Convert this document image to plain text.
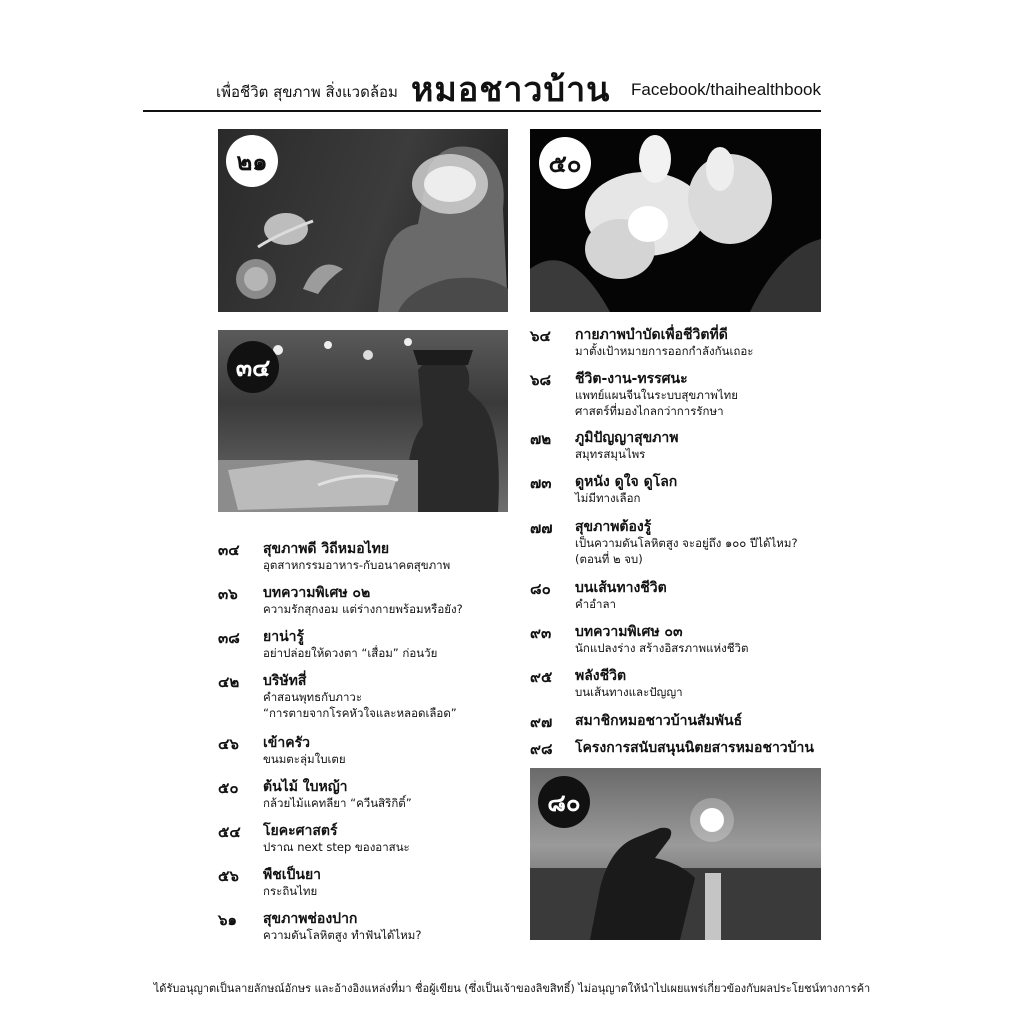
เพื่อชีวิต สุขภาพ สิ่งแวดล้อม หมอชาวบ้าน Facebook/thaihealthbook
๒๑	๕๐
๓๔
๘๐
๓๔ สุขภาพดี วิถีหมอไทย
อุตสาหกรรมอาหาร-กับอนาคตสุขภาพ
๓๖ บทความพิเศษ ๐๒
ความรักสุกงอม แต่ร่างกายพร้อมหรือยัง?
๓๘ ยาน่ารู้
อย่าปล่อยให้ดวงตา “เสื่อม” ก่อนวัย
๔๒ บริษัทสี่
คำสอนพุทธกับภาวะ
“การตายจากโรคหัวใจและหลอดเลือด”
๔๖ เข้าครัว
ขนมตะลุ่มใบเตย
๕๐ ต้นไม้ ใบหญ้า
กล้วยไม้แคทลียา “ควีนสิริกิติ์”
๕๔ โยคะศาสตร์
ปราณ next step ของอาสนะ
๕๖ พืชเป็นยา
กระถินไทย
๖๑ สุขภาพช่องปาก
ความดันโลหิตสูง ทำฟันได้ไหม?
๖๔ กายภาพบำบัดเพื่อชีวิตที่ดี
มาตั้งเป้าหมายการออกกำลังกันเถอะ
๖๘ ชีวิต-งาน-ทรรศนะ
แพทย์แผนจีนในระบบสุขภาพไทย
ศาสตร์ที่มองไกลกว่าการรักษา
๗๒ ภูมิปัญญาสุขภาพ
สมุทรสมุนไพร
๗๓ ดูหนัง ดูใจ ดูโลก
ไม่มีทางเลือก
๗๗ สุขภาพต้องรู้
เป็นความดันโลหิตสูง จะอยู่ถึง ๑๐๐ ปีได้ไหม?
(ตอนที่ ๒ จบ)
๘๐ บนเส้นทางชีวิต
คำอำลา
๙๓ บทความพิเศษ ๐๓
นักแปลงร่าง สร้างอิสรภาพแห่งชีวิต
๙๕ พลังชีวิต
บนเส้นทางและปัญญา
๙๗ สมาชิกหมอชาวบ้านสัมพันธ์
๙๘ โครงการสนับสนุนนิตยสารหมอชาวบ้าน
ได้รับอนุญาตเป็นลายลักษณ์อักษร และอ้างอิงแหล่งที่มา ชื่อผู้เขียน (ซึ่งเป็นเจ้าของลิขสิทธิ์) ไม่อนุญาตให้นำไปเผยแพร่เกี่ยวข้องกับผลประโยชน์ทางการค้า
